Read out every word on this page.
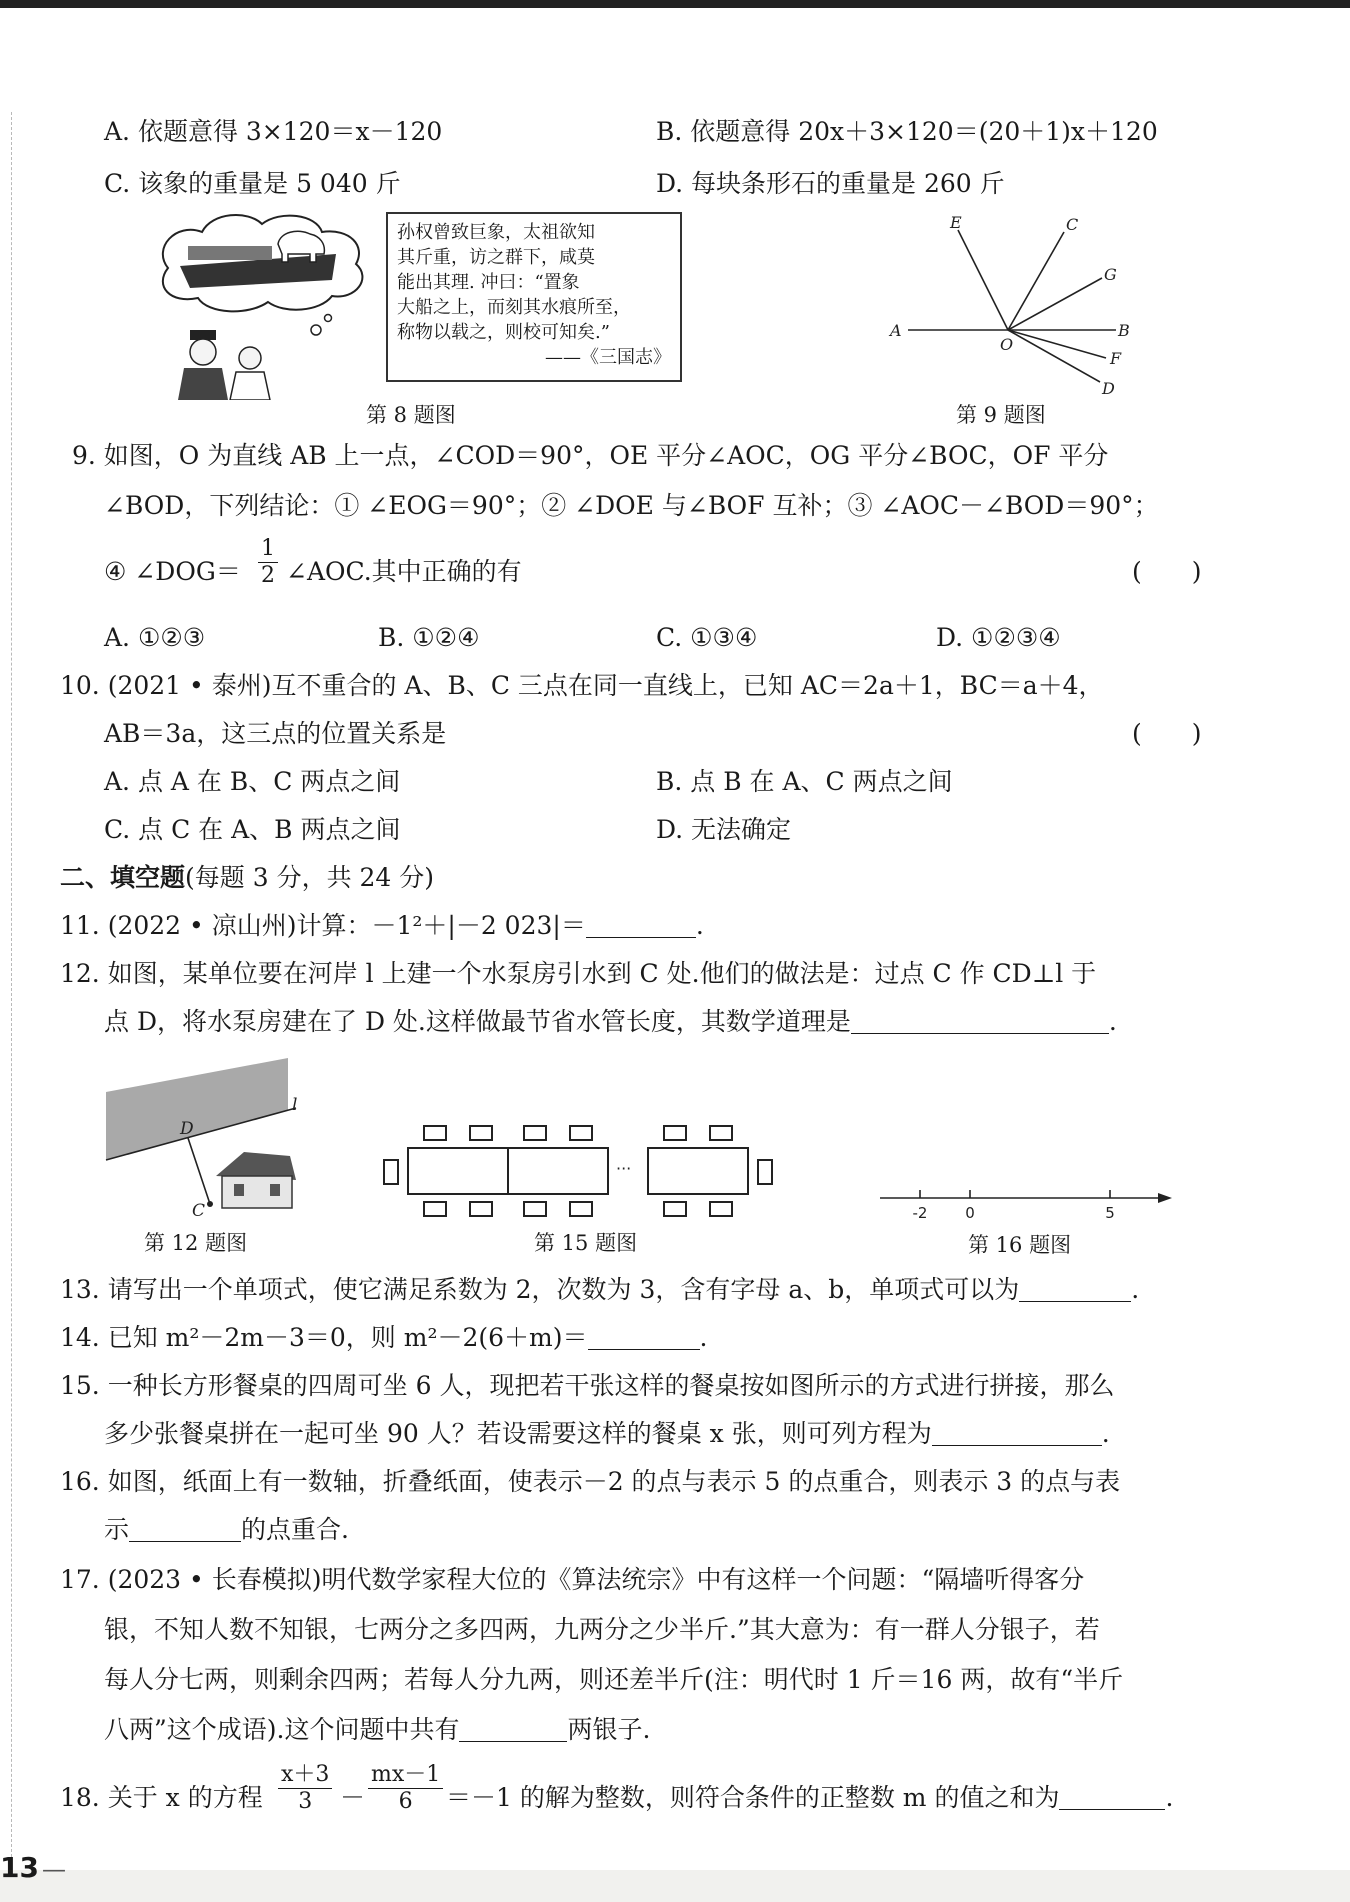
A. 依题意得 3×120＝x－120	B. 依题意得 20x＋3×120＝(20＋1)x＋120
C. 该象的重量是 5 040 斤	D. 每块条形石的重量是 260 斤
孙权曾致巨象，太祖欲知
其斤重，访之群下，咸莫
能出其理. 冲曰：“置象
大船之上，而刻其水痕所至，
称物以载之，则校可知矣.”
——《三国志》
第 8 题图
E	C
G
A
O
B
F
D
第 9 题图
9. 如图，O 为直线 AB 上一点，∠COD＝90°，OE 平分∠AOC，OG 平分∠BOC，OF 平分
∠BOD，下列结论：① ∠EOG＝90°；② ∠DOE 与∠BOF 互补；③ ∠AOC－∠BOD＝90°；
④ ∠DOG＝ $\frac{1}{2}$ ∠AOC.其中正确的有	(　　)
A. ①②③	B. ①②④	C. ①③④	D. ①②③④
10. (2021 • 泰州)互不重合的 A、B、C 三点在同一直线上，已知 AC＝2a＋1，BC＝a＋4，
AB＝3a，这三点的位置关系是	(　　)
A. 点 A 在 B、C 两点之间	B. 点 B 在 A、C 两点之间
C. 点 C 在 A、B 两点之间	D. 无法确定
二、填空题(每题 3 分，共 24 分)
11. (2022 • 凉山州)计算：－1²＋|－2 023|＝	.
12. 如图，某单位要在河岸 l 上建一个水泵房引水到 C 处.他们的做法是：过点 C 作 CD⊥l 于
点 D，将水泵房建在了 D 处.这样做最节省水管长度，其数学道理是	.
l
D
C
第 12 题图
···
第 15 题图
-2	0	5
第 16 题图
13. 请写出一个单项式，使它满足系数为 2，次数为 3，含有字母 a、b，单项式可以为	.
14. 已知 m²－2m－3＝0，则 m²－2(6＋m)＝	.
15. 一种长方形餐桌的四周可坐 6 人，现把若干张这样的餐桌按如图所示的方式进行拼接，那么
多少张餐桌拼在一起可坐 90 人？若设需要这样的餐桌 x 张，则可列方程为	.
16. 如图，纸面上有一数轴，折叠纸面，使表示－2 的点与表示 5 的点重合，则表示 3 的点与表
示	的点重合.
17. (2023 • 长春模拟)明代数学家程大位的《算法统宗》中有这样一个问题：“隔墙听得客分
银，不知人数不知银，七两分之多四两，九两分之少半斤.”其大意为：有一群人分银子，若
每人分七两，则剩余四两；若每人分九两，则还差半斤(注：明代时 1 斤＝16 两，故有“半斤
八两”这个成语).这个问题中共有	两银子.
18. 关于 x 的方程 $\frac{x+3}{3} - \frac{mx-1}{6} =-1$ 的解为整数，则符合条件的正整数 m 的值之和为	.
13 —
